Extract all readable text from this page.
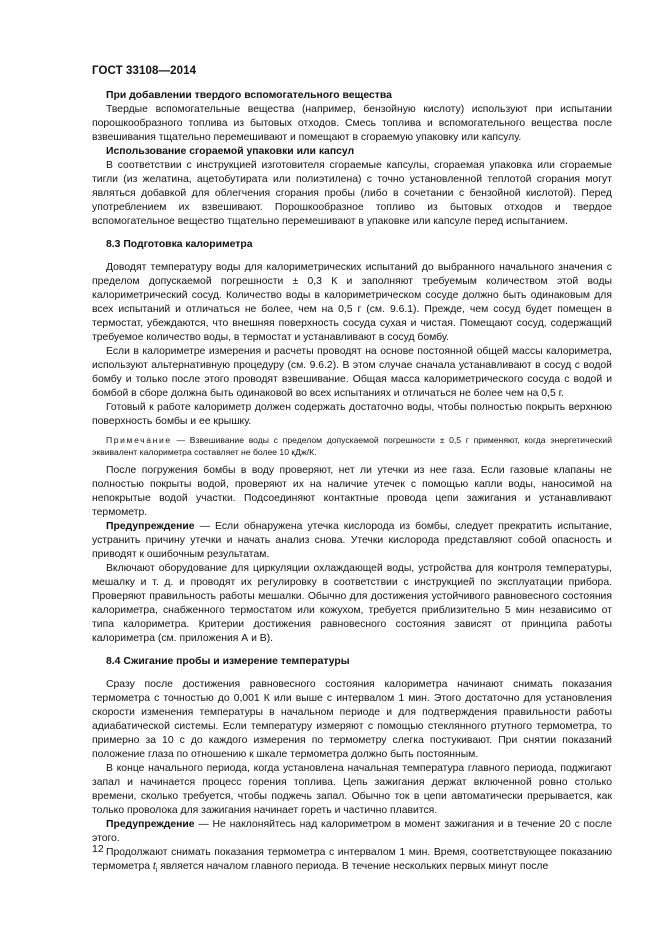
ГОСТ 33108—2014

При добавлении твердого вспомогательного вещества

Твердые вспомогательные вещества (например, бензойную кислоту) используют при испытании порошкообразного топлива из бытовых отходов. Смесь топлива и вспомогательного вещества после взвешивания тщательно перемешивают и помещают в сгораемую упаковку или капсулу.

Использование сгораемой упаковки или капсул

В соответствии с инструкцией изготовителя сгораемые капсулы, сгораемая упаковка или сгораемые тигли (из желатина, ацетобутирата или полиэтилена) с точно установленной теплотой сгорания могут являться добавкой для облегчения сгорания пробы (либо в сочетании с бензойной кислотой). Перед употреблением их взвешивают. Порошкообразное топливо из бытовых отходов и твердое вспомогательное вещество тщательно перемешивают в упаковке или капсуле перед испытанием.

8.3 Подготовка калориметра

Доводят температуру воды для калориметрических испытаний до выбранного начального значения с пределом допускаемой погрешности ± 0,3 К и заполняют требуемым количеством этой воды калориметрический сосуд. Количество воды в калориметрическом сосуде должно быть одинаковым для всех испытаний и отличаться не более, чем на 0,5 г (см. 9.6.1). Прежде, чем сосуд будет помещен в термостат, убеждаются, что внешняя поверхность сосуда сухая и чистая. Помещают сосуд, содержащий требуемое количество воды, в термостат и устанавливают в сосуд бомбу.

Если в калориметре измерения и расчеты проводят на основе постоянной общей массы калориметра, используют альтернативную процедуру (см. 9.6.2). В этом случае сначала устанавливают в сосуд с водой бомбу и только после этого проводят взвешивание. Общая масса калориметрического сосуда с водой и бомбой в сборе должна быть одинаковой во всех испытаниях и отличаться не более чем на 0,5 г.

Готовый к работе калориметр должен содержать достаточно воды, чтобы полностью покрыть верхнюю поверхность бомбы и ее крышку.

Примечание — Взвешивание воды с пределом допускаемой погрешности ± 0,5 г применяют, когда энергетический эквивалент калориметра составляет не более 10 кДж/К.

После погружения бомбы в воду проверяют, нет ли утечки из нее газа. Если газовые клапаны не полностью покрыты водой, проверяют их на наличие утечек с помощью капли воды, наносимой на непокрытые водой участки. Подсоединяют контактные провода цепи зажигания и устанавливают термометр.

Предупреждение — Если обнаружена утечка кислорода из бомбы, следует прекратить испытание, устранить причину утечки и начать анализ снова. Утечки кислорода представляют собой опасность и приводят к ошибочным результатам.

Включают оборудование для циркуляции охлаждающей воды, устройства для контроля температуры, мешалку и т. д. и проводят их регулировку в соответствии с инструкцией по эксплуатации прибора. Проверяют правильность работы мешалки. Обычно для достижения устойчивого равновесного состояния калориметра, снабженного термостатом или кожухом, требуется приблизительно 5 мин независимо от типа калориметра. Критерии достижения равновесного состояния зависят от принципа работы калориметра (см. приложения А и В).

8.4 Сжигание пробы и измерение температуры

Сразу после достижения равновесного состояния калориметра начинают снимать показания термометра с точностью до 0,001 К или выше с интервалом 1 мин. Этого достаточно для установления скорости изменения температуры в начальном периоде и для подтверждения правильности работы адиабатической системы. Если температуру измеряют с помощью стеклянного ртутного термометра, то примерно за 10 с до каждого измерения по термометру слегка постукивают. При снятии показаний положение глаза по отношению к шкале термометра должно быть постоянным.

В конце начального периода, когда установлена начальная температура главного периода, поджигают запал и начинается процесс горения топлива. Цепь зажигания держат включенной ровно столько времени, сколько требуется, чтобы поджечь запал. Обычно ток в цепи автоматически прерывается, как только проволока для зажигания начинает гореть и частично плавится.

Предупреждение — Не наклоняйтесь над калориметром в момент зажигания и в течение 20 с после этого.

Продолжают снимать показания термометра с интервалом 1 мин. Время, соответствующее показанию термометра $t_i$ является началом главного периода. В течение нескольких первых минут после

12
